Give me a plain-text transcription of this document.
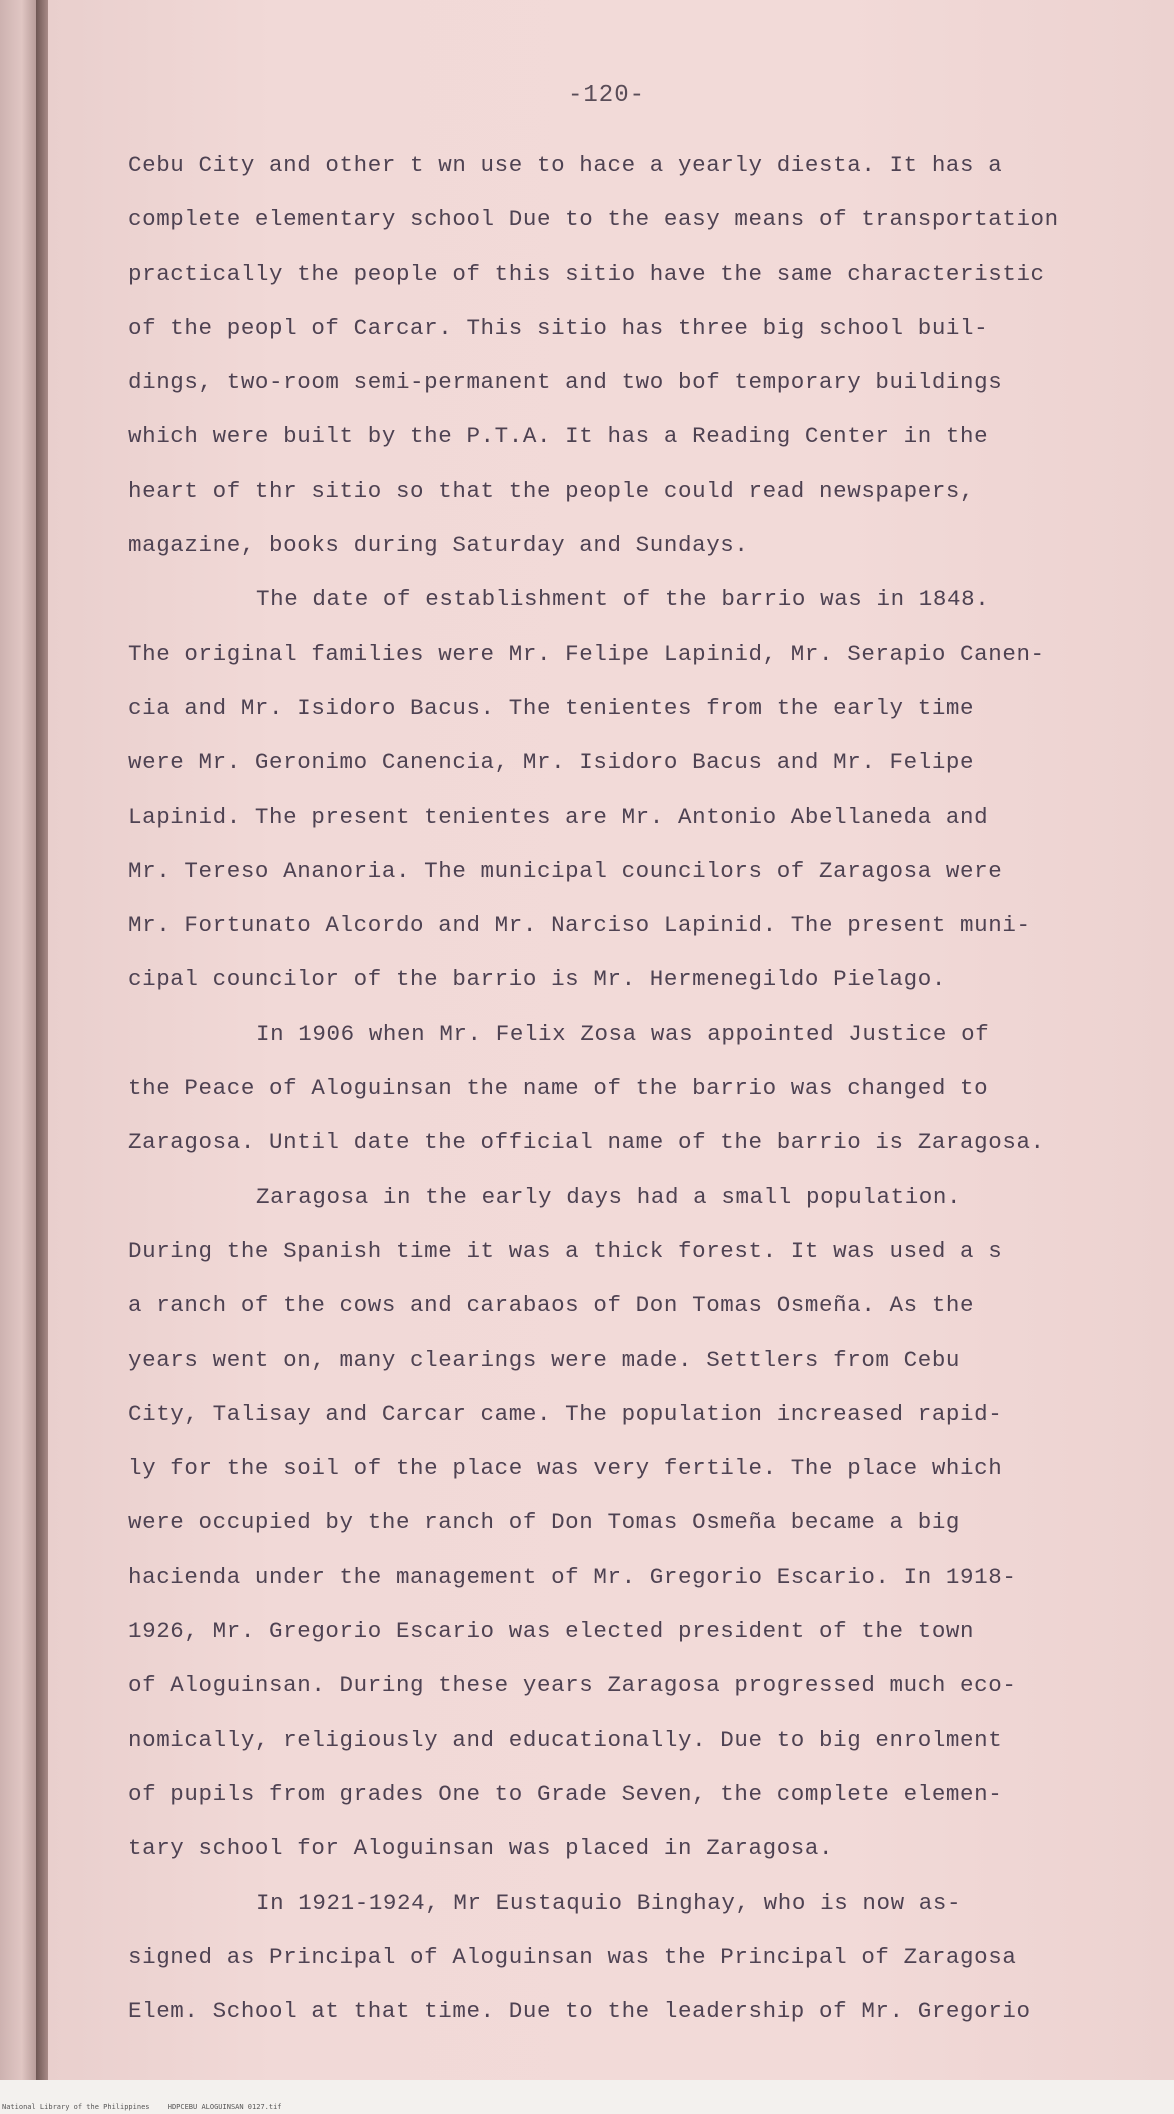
-120-
Cebu City and other t wn use to hace a yearly diesta. It has a
complete elementary school Due to the easy means of transportation
practically the people of this sitio have the same characteristic
of the peopl of Carcar. This sitio has three big school buil-
dings, two-room semi-permanent and two bof temporary buildings
which were built by the P.T.A. It has a Reading Center in the
heart of thr sitio so that the people could read newspapers,
magazine, books during Saturday and Sundays.
The date of establishment of the barrio was in 1848.
The original families were Mr. Felipe Lapinid, Mr. Serapio Canen-
cia and Mr. Isidoro Bacus. The tenientes from the early time
were Mr. Geronimo Canencia, Mr. Isidoro Bacus and Mr. Felipe
Lapinid. The present tenientes are Mr. Antonio Abellaneda and
Mr. Tereso Ananoria. The municipal councilors of Zaragosa were
Mr. Fortunato Alcordo and Mr. Narciso Lapinid. The present muni-
cipal councilor of the barrio is Mr. Hermenegildo Pielago.
In 1906 when Mr. Felix Zosa was appointed Justice of
the Peace of Aloguinsan the name of the barrio was changed to
Zaragosa. Until date the official name of the barrio is Zaragosa.
Zaragosa in the early days had a small population.
During the Spanish time it was a thick forest. It was used a s
a ranch of the cows and carabaos of Don Tomas Osmeña. As the
years went on, many clearings were made. Settlers from Cebu
City, Talisay and Carcar came. The population increased rapid-
ly for the soil of the place was very fertile. The place which
were occupied by the ranch of Don Tomas Osmeña became a big
hacienda under the management of Mr. Gregorio Escario. In 1918-
1926, Mr. Gregorio Escario was elected president of the town
of Aloguinsan. During these years Zaragosa progressed much eco-
nomically, religiously and educationally. Due to big enrolment
of pupils from grades One to Grade Seven, the complete elemen-
tary school for Aloguinsan was placed in Zaragosa.
In 1921-1924, Mr Eustaquio Binghay, who is now as-
signed as Principal of Aloguinsan was the Principal of Zaragosa
Elem. School at that time. Due to the leadership of Mr. Gregorio
National Library of the Philippines	HDPCEBU ALOGUINSAN 0127.tif
